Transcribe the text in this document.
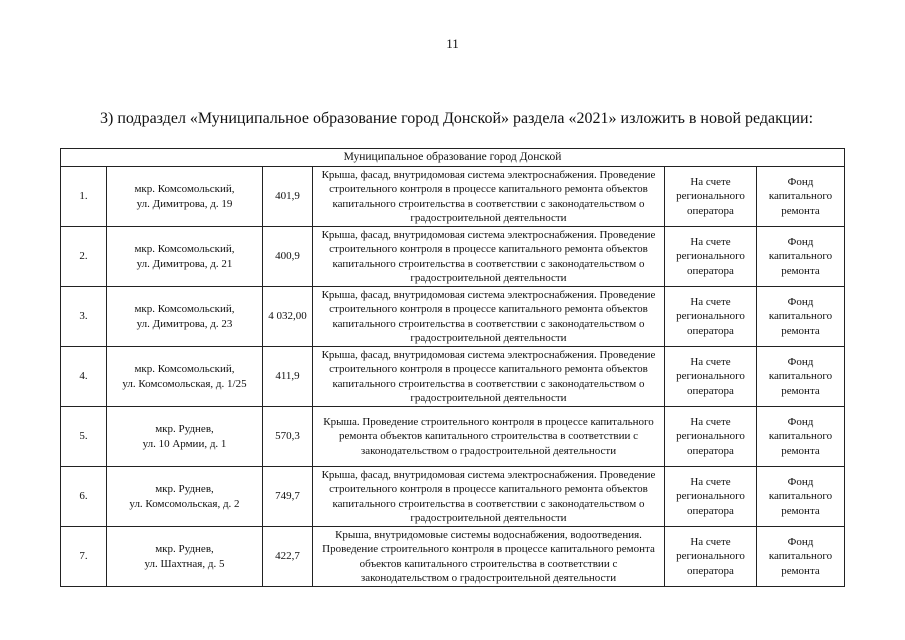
11
3) подраздел «Муниципальное образование город Донской» раздела «2021» изложить в новой редакции:
Муниципальное образование город Донской					
1.	мкр. Комсомольский,
ул. Димитрова, д. 19	401,9	Крыша, фасад, внутридомовая система электроснабжения. Проведение строительного контроля в процессе капитального ремонта объектов капитального строительства в соответствии с законодательством о градостроительной деятельности	На счете регионального оператора	Фонд капитального ремонта
2.	мкр. Комсомольский,
ул. Димитрова, д. 21	400,9	Крыша, фасад, внутридомовая система электроснабжения. Проведение строительного контроля в процессе капитального ремонта объектов капитального строительства в соответствии с законодательством о градостроительной деятельности	На счете регионального оператора	Фонд капитального ремонта
3.	мкр. Комсомольский,
ул. Димитрова, д. 23	4 032,00	Крыша, фасад, внутридомовая система электроснабжения. Проведение строительного контроля в процессе капитального ремонта объектов капитального строительства в соответствии с законодательством о градостроительной деятельности	На счете регионального оператора	Фонд капитального ремонта
4.	мкр. Комсомольский,
ул. Комсомольская, д. 1/25	411,9	Крыша, фасад, внутридомовая система электроснабжения. Проведение строительного контроля в процессе капитального ремонта объектов капитального строительства в соответствии с законодательством о градостроительной деятельности	На счете регионального оператора	Фонд капитального ремонта
5.	мкр. Руднев,
ул. 10 Армии, д. 1	570,3	Крыша. Проведение строительного контроля в процессе капитального ремонта объектов капитального строительства в соответствии с законодательством о градостроительной деятельности	На счете регионального оператора	Фонд капитального ремонта
6.	мкр. Руднев,
ул. Комсомольская, д. 2	749,7	Крыша, фасад, внутридомовая система электроснабжения. Проведение строительного контроля в процессе капитального ремонта объектов капитального строительства в соответствии с законодательством о градостроительной деятельности	На счете регионального оператора	Фонд капитального ремонта
7.	мкр. Руднев,
ул. Шахтная, д. 5	422,7	Крыша, внутридомовые системы водоснабжения, водоотведения. Проведение строительного контроля в процессе капитального ремонта объектов капитального строительства в соответствии с законодательством о градостроительной деятельности	На счете регионального оператора	Фонд капитального ремонта
